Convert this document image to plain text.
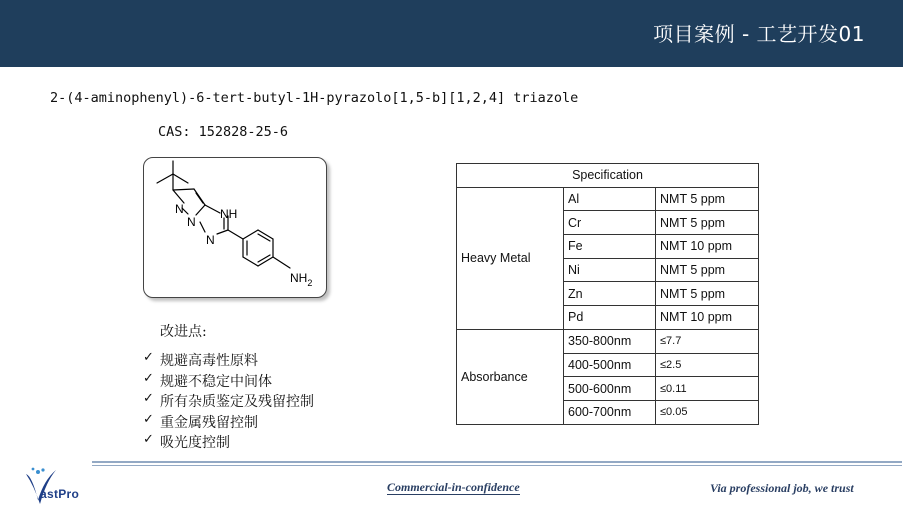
项目案例 - 工艺开发01
2-(4-aminophenyl)-6-tert-butyl-1H-pyrazolo[1,5-b][1,2,4] triazole
CAS: 152828-25-6
N
N
N
NH
$NH_2$
改进点:
✓ 规避高毒性原料
✓ 规避不稳定中间体
✓ 所有杂质鉴定及残留控制
✓ 重金属残留控制
✓ 吸光度控制
Specification		
Heavy Metal	Al	NMT 5 ppm
	Cr	NMT 5 ppm
	Fe	NMT 10 ppm
	Ni	NMT 5 ppm
	Zn	NMT 5 ppm
	Pd	NMT 10 ppm
Absorbance	350-800nm	≤7.7
	400-500nm	≤2.5
	500-600nm	≤0.11
	600-700nm	≤0.05
astPro	Commercial-in-confidence	Via professional job, we trust
